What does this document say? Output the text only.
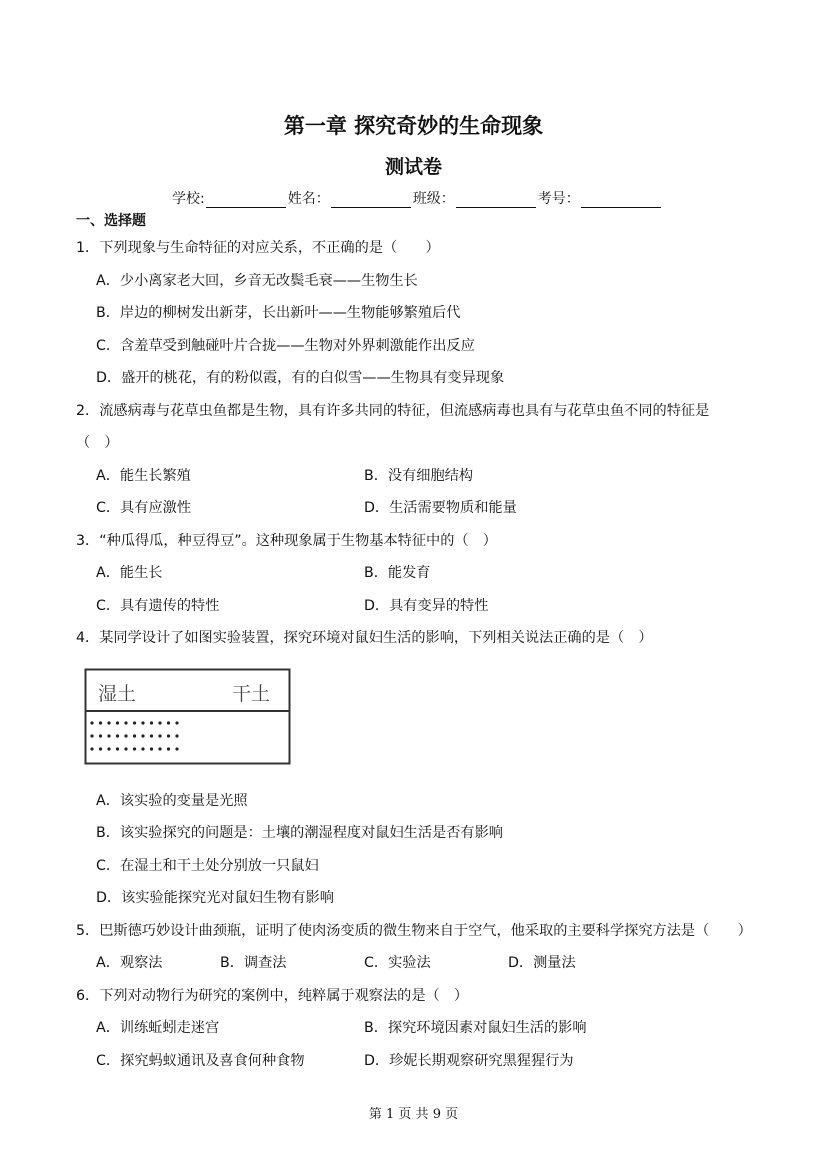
第一章 探究奇妙的生命现象
测试卷
学校:	姓名：	班级：	考号：
一、选择题
1．下列现象与生命特征的对应关系，不正确的是（　　）
A．少小离家老大回，乡音无改鬓毛衰——生物生长
B．岸边的柳树发出新芽，长出新叶——生物能够繁殖后代
C．含羞草受到触碰叶片合拢——生物对外界刺激能作出反应
D．盛开的桃花，有的粉似霞，有的白似雪——生物具有变异现象
2．流感病毒与花草虫鱼都是生物，具有许多共同的特征，但流感病毒也具有与花草虫鱼不同的特征是
（　）
A．能生长繁殖	B．没有细胞结构
C．具有应激性	D．生活需要物质和能量
3．“种瓜得瓜，种豆得豆”。这种现象属于生物基本特征中的（　）
A．能生长	B．能发育
C．具有遗传的特性	D．具有变异的特性
4．某同学设计了如图实验装置，探究环境对鼠妇生活的影响，下列相关说法正确的是（　）
湿土	干土
A．该实验的变量是光照
B．该实验探究的问题是：土壤的潮湿程度对鼠妇生活是否有影响
C．在湿土和干土处分别放一只鼠妇
D．该实验能探究光对鼠妇生物有影响
5．巴斯德巧妙设计曲颈瓶，证明了使肉汤变质的微生物来自于空气，他采取的主要科学探究方法是（　　）
A．观察法	B．调查法	C．实验法	D．测量法
6．下列对动物行为研究的案例中，纯粹属于观察法的是（　）
A．训练蚯蚓走迷宫	B．探究环境因素对鼠妇生活的影响
C．探究蚂蚁通讯及喜食何种食物	D．珍妮长期观察研究黑猩猩行为
第 1 页 共 9 页
